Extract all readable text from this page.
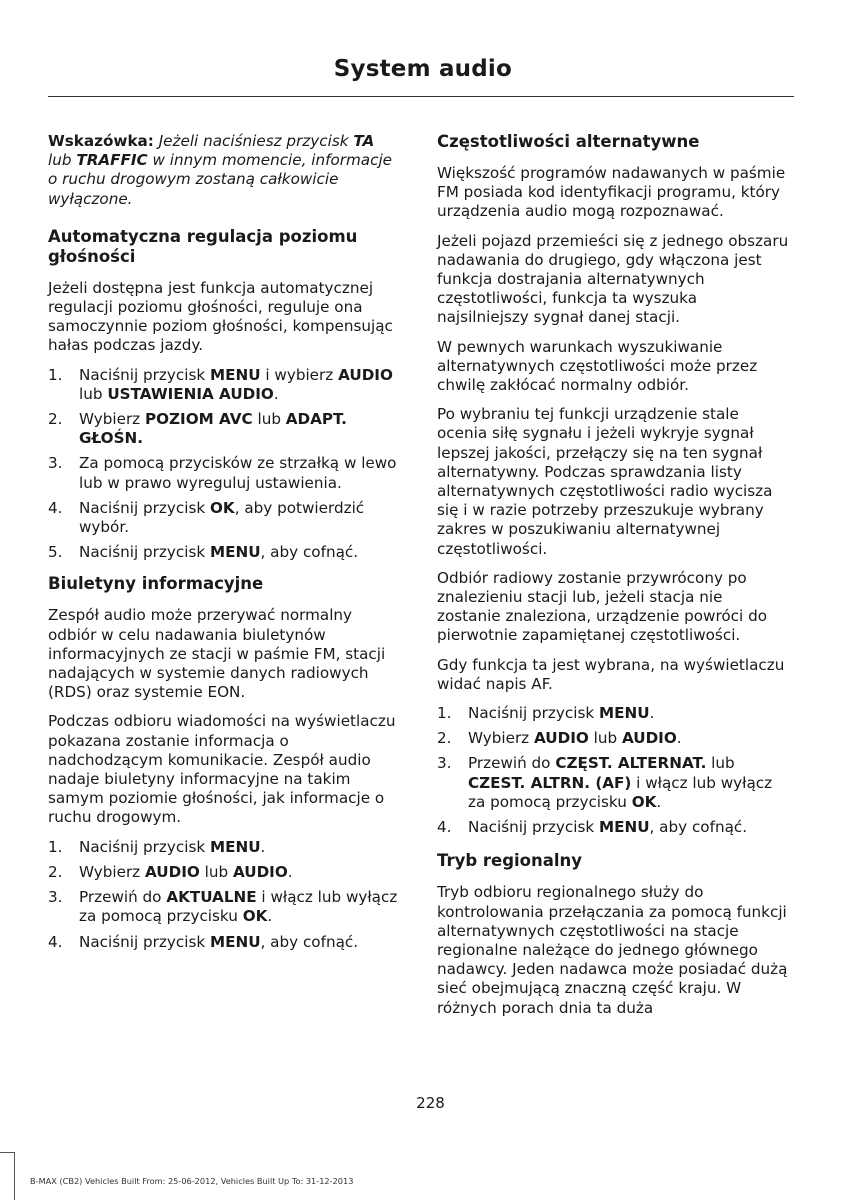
System audio

Wskazówka: Jeżeli naciśniesz przycisk TA lub TRAFFIC w innym momencie, informacje o ruchu drogowym zostaną całkowicie wyłączone.

Automatyczna regulacja poziomu głośności

Jeżeli dostępna jest funkcja automatycznej regulacji poziomu głośności, reguluje ona samoczynnie poziom głośności, kompensując hałas podczas jazdy.

1. Naciśnij przycisk MENU i wybierz AUDIO lub USTAWIENIA AUDIO.
2. Wybierz POZIOM AVC lub ADAPT. GŁOŚN.
3. Za pomocą przycisków ze strzałką w lewo lub w prawo wyreguluj ustawienia.
4. Naciśnij przycisk OK, aby potwierdzić wybór.
5. Naciśnij przycisk MENU, aby cofnąć.
Biuletyny informacyjne

Zespół audio może przerywać normalny odbiór w celu nadawania biuletynów informacyjnych ze stacji w paśmie FM, stacji nadających w systemie danych radiowych (RDS) oraz systemie EON.

Podczas odbioru wiadomości na wyświetlaczu pokazana zostanie informacja o nadchodzącym komunikacie. Zespół audio nadaje biuletyny informacyjne na takim samym poziomie głośności, jak informacje o ruchu drogowym.

1. Naciśnij przycisk MENU.
2. Wybierz AUDIO lub AUDIO.
3. Przewiń do AKTUALNE i włącz lub wyłącz za pomocą przycisku OK.
4. Naciśnij przycisk MENU, aby cofnąć.
Częstotliwości alternatywne

Większość programów nadawanych w paśmie FM posiada kod identyfikacji programu, który urządzenia audio mogą rozpoznawać.

Jeżeli pojazd przemieści się z jednego obszaru nadawania do drugiego, gdy włączona jest funkcja dostrajania alternatywnych częstotliwości, funkcja ta wyszuka najsilniejszy sygnał danej stacji.

W pewnych warunkach wyszukiwanie alternatywnych częstotliwości może przez chwilę zakłócać normalny odbiór.

Po wybraniu tej funkcji urządzenie stale ocenia siłę sygnału i jeżeli wykryje sygnał lepszej jakości, przełączy się na ten sygnał alternatywny. Podczas sprawdzania listy alternatywnych częstotliwości radio wycisza się i w razie potrzeby przeszukuje wybrany zakres w poszukiwaniu alternatywnej częstotliwości.

Odbiór radiowy zostanie przywrócony po znalezieniu stacji lub, jeżeli stacja nie zostanie znaleziona, urządzenie powróci do pierwotnie zapamiętanej częstotliwości.

Gdy funkcja ta jest wybrana, na wyświetlaczu widać napis AF.

1. Naciśnij przycisk MENU.
2. Wybierz AUDIO lub AUDIO.
3. Przewiń do CZĘST. ALTERNAT. lub CZEST. ALTRN. (AF) i włącz lub wyłącz za pomocą przycisku OK.
4. Naciśnij przycisk MENU, aby cofnąć.
Tryb regionalny

Tryb odbioru regionalnego służy do kontrolowania przełączania za pomocą funkcji alternatywnych częstotliwości na stacje regionalne należące do jednego głównego nadawcy. Jeden nadawca może posiadać dużą sieć obejmującą znaczną część kraju. W różnych porach dnia ta duża

228
B-MAX (CB2) Vehicles Built From: 25-06-2012, Vehicles Built Up To: 31-12-2013
